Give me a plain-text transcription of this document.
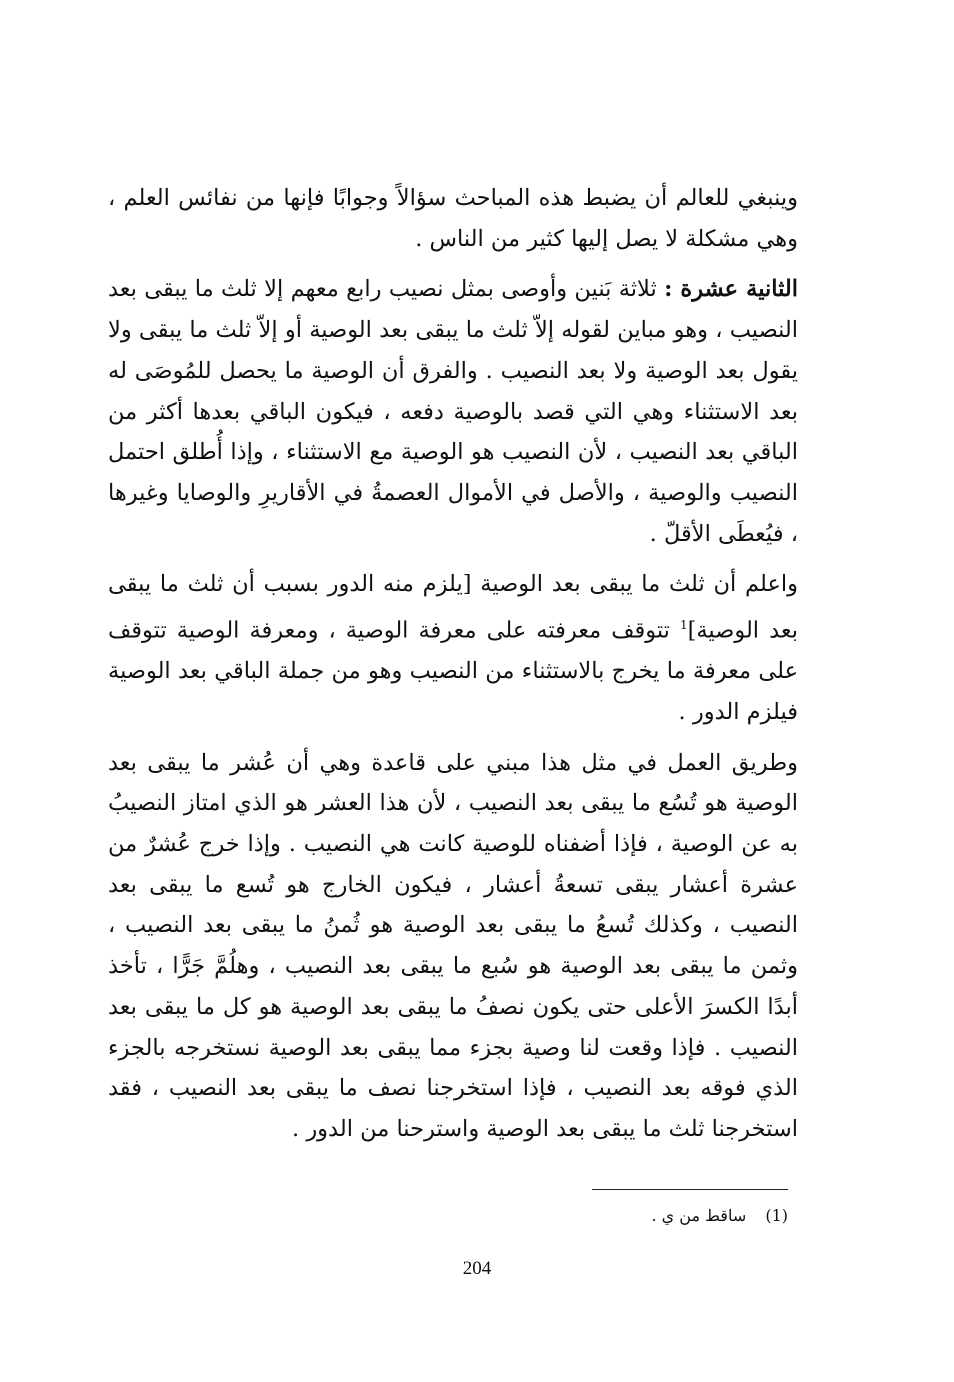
وينبغي للعالم أن يضبط هذه المباحث سؤالاً وجوابًا فإنها من نفائس العلم ، وهي مشكلة لا يصل إليها كثير من الناس .

الثانية عشرة : ثلاثة بَنين وأوصى بمثل نصيب رابع معهم إلا ثلث ما يبقى بعد النصيب ، وهو مباين لقوله إلاّ ثلث ما يبقى بعد الوصية أو إلاّ ثلث ما يبقى ولا يقول بعد الوصية ولا بعد النصيب . والفرق أن الوصية ما يحصل للمُوصَى له بعد الاستثناء وهي التي قصد بالوصية دفعه ، فيكون الباقي بعدها أكثر من الباقي بعد النصيب ، لأن النصيب هو الوصية مع الاستثناء ، وإذا أُطلق احتمل النصيب والوصية ، والأصل في الأموال العصمةُ في الأقاريرِ والوصايا وغيرها ، فيُعطَى الأقلّ .

واعلم أن ثلث ما يبقى بعد الوصية [يلزم منه الدور بسبب أن ثلث ما يبقى بعد الوصية]$^1$ تتوقف معرفته على معرفة الوصية ، ومعرفة الوصية تتوقف على معرفة ما يخرج بالاستثناء من النصيب وهو من جملة الباقي بعد الوصية فيلزم الدور .

وطريق العمل في مثل هذا مبني على قاعدة وهي أن عُشر ما يبقى بعد الوصية هو تُسُع ما يبقى بعد النصيب ، لأن هذا العشر هو الذي امتاز النصيبُ به عن الوصية ، فإذا أضفناه للوصية كانت هي النصيب . وإذا خرج عُشرٌ من عشرة أعشار يبقى تسعةُ أعشار ، فيكون الخارج هو تُسع ما يبقى بعد النصيب ، وكذلك تُسعُ ما يبقى بعد الوصية هو ثُمنُ ما يبقى بعد النصيب ، وثمن ما يبقى بعد الوصية هو سُبع ما يبقى بعد النصيب ، وهلُمَّ جَرًّا ، تأخذ أبدًا الكسرَ الأعلى حتى يكون نصفُ ما يبقى بعد الوصية هو كل ما يبقى بعد النصيب . فإذا وقعت لنا وصية بجزء مما يبقى بعد الوصية نستخرجه بالجزء الذي فوقه بعد النصيب ، فإذا استخرجنا نصف ما يبقى بعد النصيب ، فقد استخرجنا ثلث ما يبقى بعد الوصية واسترحنا من الدور .

(1) ساقط من ي .
204
